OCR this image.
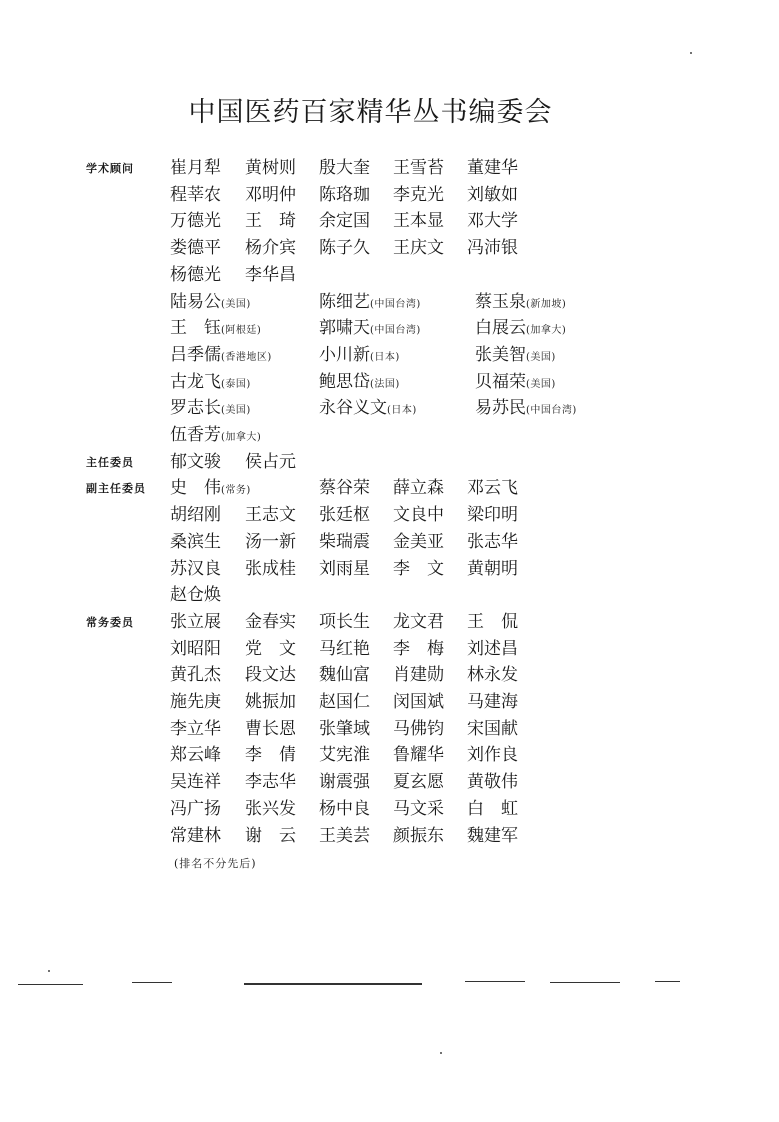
中国医药百家精华丛书编委会
学术顾问	崔月犁 黄树则 殷大奎 王雪苔 董建华
程莘农 邓明仲 陈珞珈 李克光 刘敏如
万德光 王　琦 余定国 王本显 邓大学
娄德平 杨介宾 陈子久 王庆文 冯沛银
杨德光 李华昌
陆易公(美国)	陈细艺(中国台湾)	蔡玉泉(新加坡)
王　钰(阿根廷)	郭啸天(中国台湾)	白展云(加拿大)
吕季儒(香港地区)	小川新(日本)	张美智(美国)
古龙飞(泰国)	鲍思岱(法国)	贝福荣(美国)
罗志长(美国)	永谷义文(日本)	易苏民(中国台湾)
伍香芳(加拿大)
主任委员	郁文骏 侯占元
副主任委员	史　伟(常务)	蔡谷荣 薛立森 邓云飞
胡绍刚 王志文 张廷枢 文良中 梁印明
桑滨生 汤一新 柴瑞震 金美亚 张志华
苏汉良 张成桂 刘雨星 李　文 黄朝明
赵仓焕
常务委员	张立展 金春实 项长生 龙文君 王　侃
刘昭阳 党　文 马红艳 李　梅 刘述昌
黄孔杰 段文达 魏仙富 肖建勋 林永发
施先庚 姚振加 赵国仁 闵国斌 马建海
李立华 曹长恩 张肇域 马佛钧 宋国献
郑云峰 李　倩 艾宪淮 鲁耀华 刘作良
吴连祥 李志华 谢震强 夏玄愿 黄敬伟
冯广扬 张兴发 杨中良 马文采 白　虹
常建林 谢　云 王美芸 颜振东 魏建军
(排名不分先后)
